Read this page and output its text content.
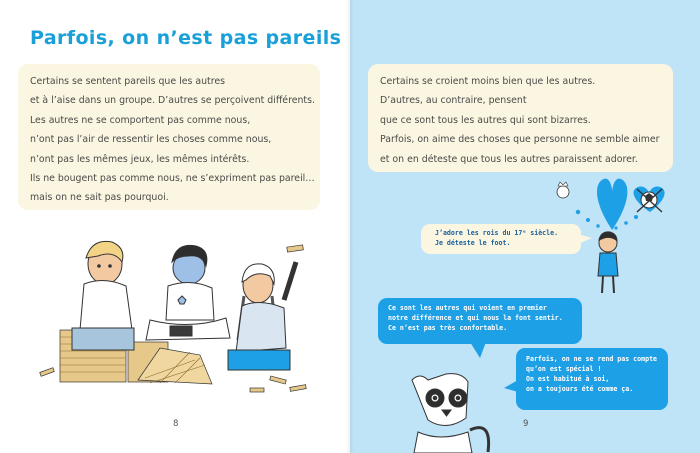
Parfois, on n’est pas pareils
Certains se sentent pareils que les autres
et à l’aise dans un groupe. D’autres se perçoivent différents.
Les autres ne se comportent pas comme nous,
n’ont pas l’air de ressentir les choses comme nous,
n’ont pas les mêmes jeux, les mêmes intérêts.
Ils ne bougent pas comme nous, ne s’expriment pas pareil…
mais on ne sait pas pourquoi.
Certains se croient moins bien que les autres.
D’autres, au contraire, pensent
que ce sont tous les autres qui sont bizarres.
Parfois, on aime des choses que personne ne semble aimer
et on en déteste que tous les autres paraissent adorer.
J’adore les rois du 17ᵉ siècle.
Je déteste le foot.
Ce sont les autres qui voient en premier
notre différence et qui nous la font sentir.
Ce n’est pas très confortable.
Parfois, on ne se rend pas compte
qu’on est spécial !
On est habitué à soi,
on a toujours été comme ça.
8	9
